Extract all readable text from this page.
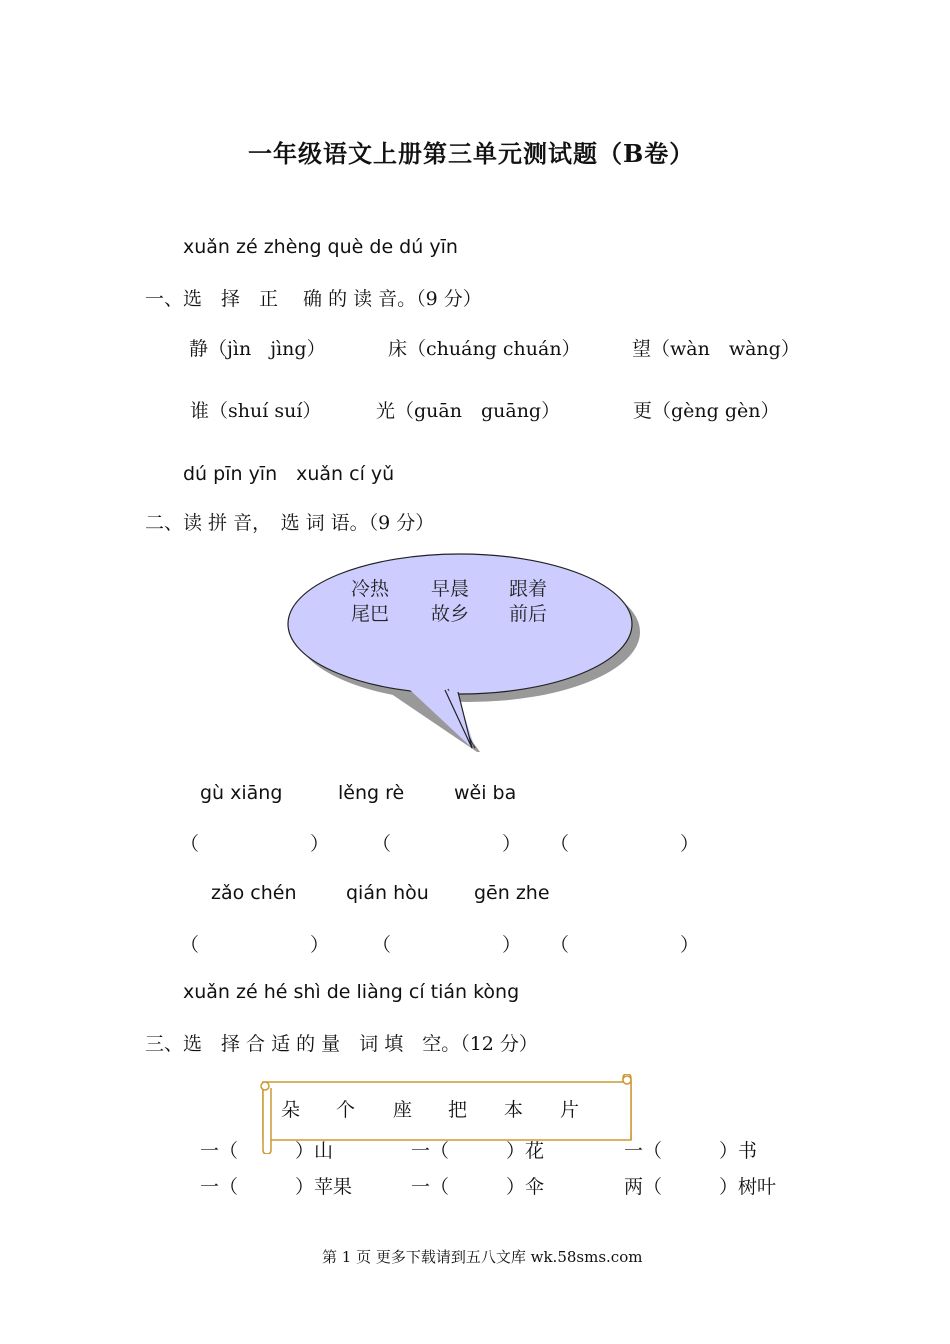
一年级语文上册第三单元测试题（B卷）
xuǎn zé zhèng què de dú yīn
一、选　择　正　 确 的 读 音。（9 分）
静（jìn　jìng）	床（chuáng chuán）	望（wàn　wàng）
谁（shuí suí）	光（guān　guāng）	更（gèng gèn）
dú pīn yīn　xuǎn cí yǔ
二、读 拼 音，　选 词 语。（9 分）
冷热 早晨 跟着
尾巴 故乡 前后
gù xiāng	lěng rè	wěi ba
（　　　　） （　　　　） （　　　　）
zǎo chén	qián hòu gēn zhe
（　　　　） （　　　　） （　　　　）
xuǎn zé hé shì de liàng cí tián kòng
三、选　择 合 适 的 量　词 填　空。（12 分）
朵 个 座 把 本 片
一（　　　）山	一（　　　）花	一（　　　）书
一（　　　）苹果	一（　　　）伞	两（　　　）树叶
第 1 页 更多下载请到五八文库 wk.58sms.com
